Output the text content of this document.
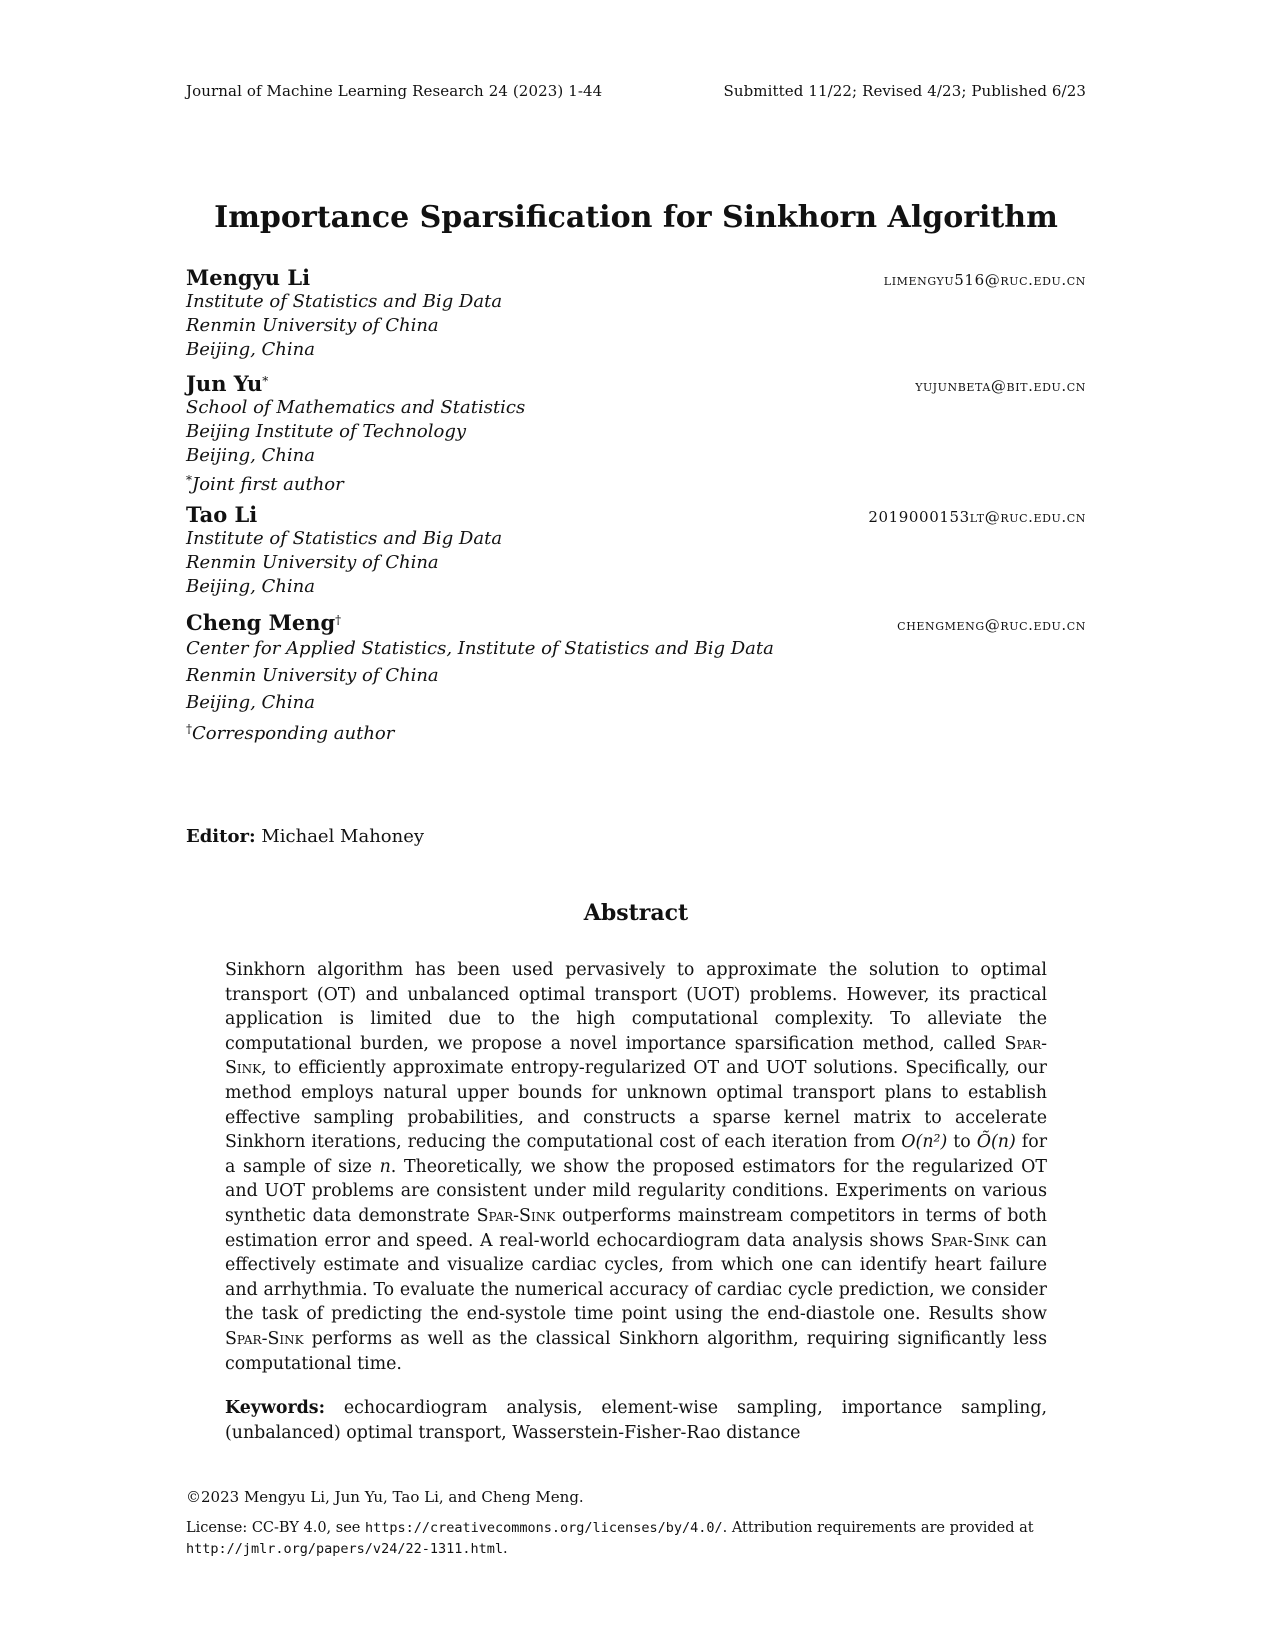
Journal of Machine Learning Research 24 (2023) 1-44	Submitted 11/22; Revised 4/23; Published 6/23
Importance Sparsification for Sinkhorn Algorithm
Mengyu Li	limengyu516@ruc.edu.cn
Institute of Statistics and Big Data
Renmin University of China
Beijing, China
Jun Yu*	yujunbeta@bit.edu.cn
School of Mathematics and Statistics
Beijing Institute of Technology
Beijing, China
*Joint first author
Tao Li	2019000153lt@ruc.edu.cn
Institute of Statistics and Big Data
Renmin University of China
Beijing, China
Cheng Meng†	chengmeng@ruc.edu.cn
Center for Applied Statistics, Institute of Statistics and Big Data
Renmin University of China
Beijing, China
†Corresponding author
Editor: Michael Mahoney
Abstract

Sinkhorn algorithm has been used pervasively to approximate the solution to optimal transport (OT) and unbalanced optimal transport (UOT) problems. However, its practical application is limited due to the high computational complexity. To alleviate the computational burden, we propose a novel importance sparsification method, called Spar-Sink, to efficiently approximate entropy-regularized OT and UOT solutions. Specifically, our method employs natural upper bounds for unknown optimal transport plans to establish effective sampling probabilities, and constructs a sparse kernel matrix to accelerate Sinkhorn iterations, reducing the computational cost of each iteration from O(n²) to Õ(n) for a sample of size n. Theoretically, we show the proposed estimators for the regularized OT and UOT problems are consistent under mild regularity conditions. Experiments on various synthetic data demonstrate Spar-Sink outperforms mainstream competitors in terms of both estimation error and speed. A real-world echocardiogram data analysis shows Spar-Sink can effectively estimate and visualize cardiac cycles, from which one can identify heart failure and arrhythmia. To evaluate the numerical accuracy of cardiac cycle prediction, we consider the task of predicting the end-systole time point using the end-diastole one. Results show Spar-Sink performs as well as the classical Sinkhorn algorithm, requiring significantly less computational time.

Keywords: echocardiogram analysis, element-wise sampling, importance sampling, (unbalanced) optimal transport, Wasserstein-Fisher-Rao distance

©2023 Mengyu Li, Jun Yu, Tao Li, and Cheng Meng.
License: CC-BY 4.0, see https://creativecommons.org/licenses/by/4.0/. Attribution requirements are provided at http://jmlr.org/papers/v24/22-1311.html.
